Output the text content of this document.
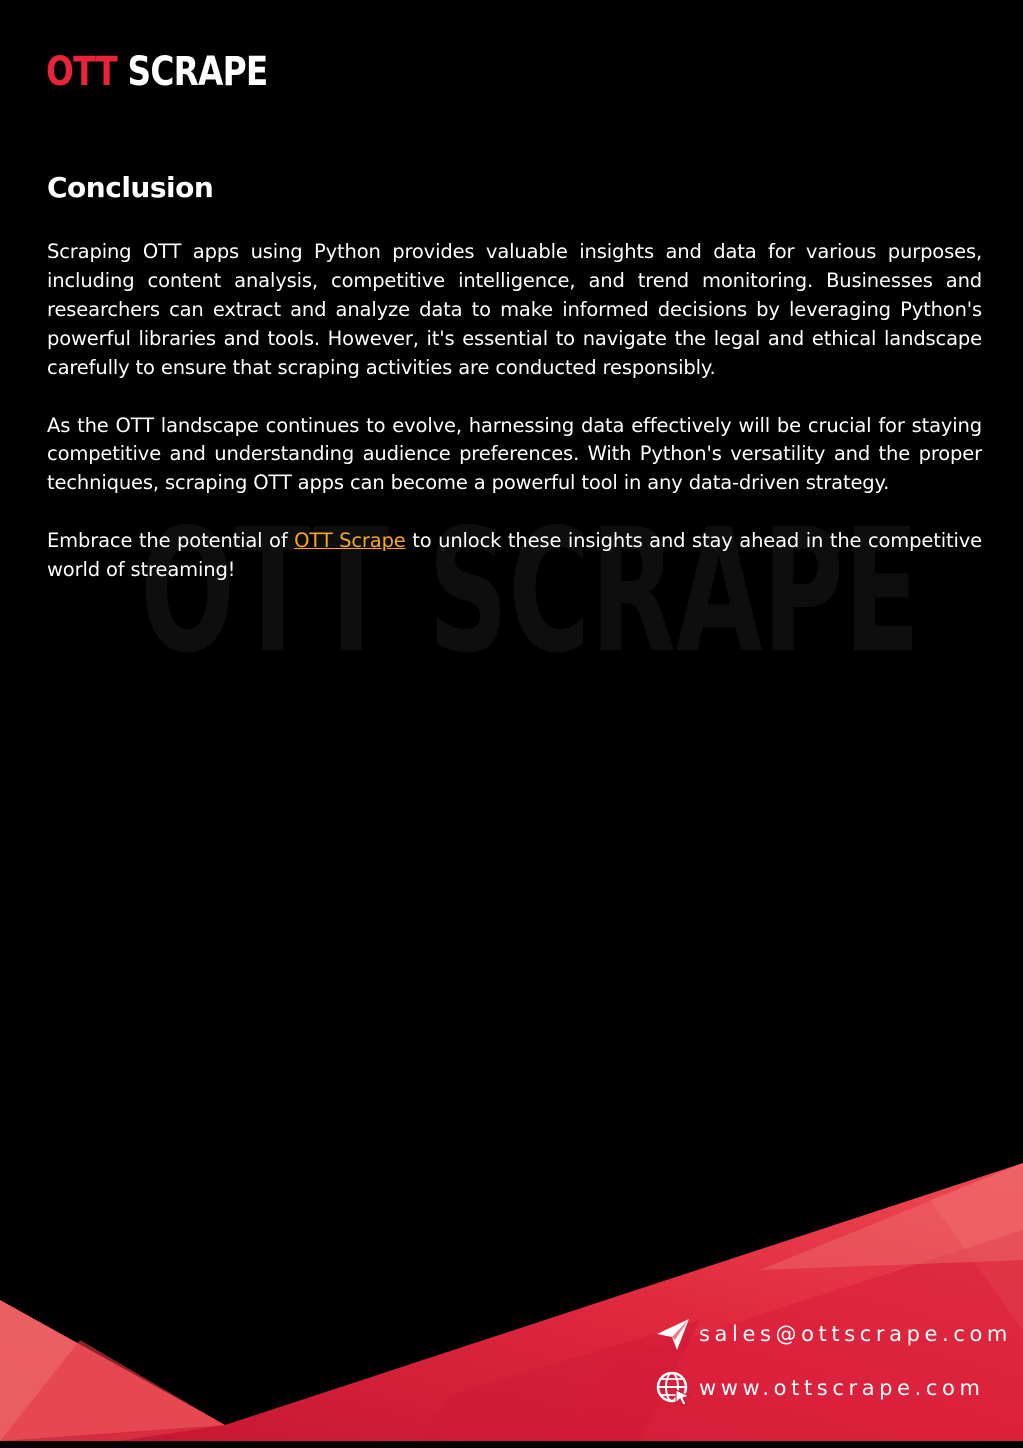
OTT SCRAPE
OTT SCRAPE
Conclusion

Scraping OTT apps using Python provides valuable insights and data for various purposes, including content analysis, competitive intelligence, and trend monitoring. Businesses and researchers can extract and analyze data to make informed decisions by leveraging Python's powerful libraries and tools. However, it's essential to navigate the legal and ethical landscape carefully to ensure that scraping activities are conducted responsibly.

As the OTT landscape continues to evolve, harnessing data effectively will be crucial for staying competitive and understanding audience preferences. With Python's versatility and the proper techniques, scraping OTT apps can become a powerful tool in any data-driven strategy.

Embrace the potential of OTT Scrape to unlock these insights and stay ahead in the competitive world of streaming!

sales@ottscrape.com
www.ottscrape.com
